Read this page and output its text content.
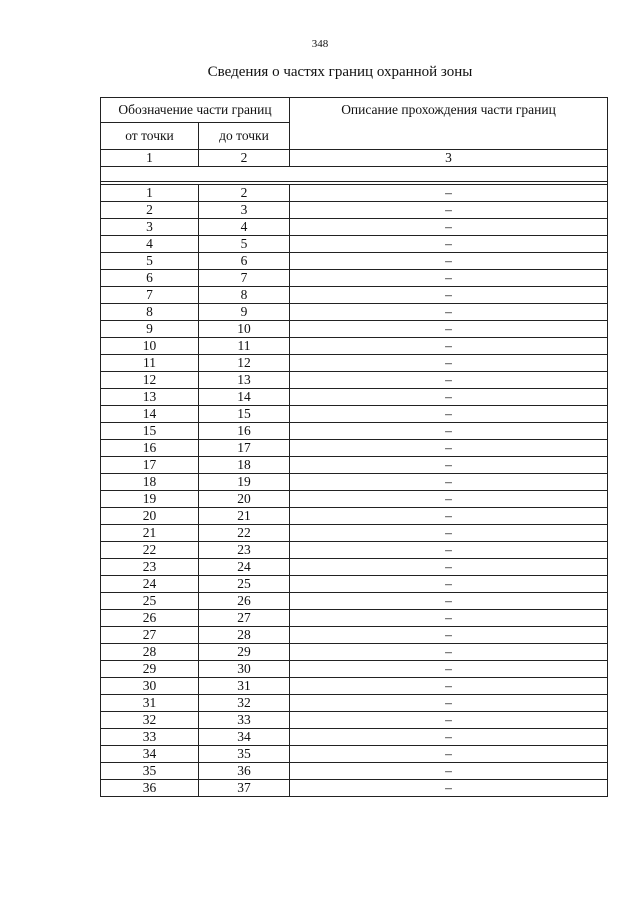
348
Сведения о частях границ охранной зоны
Обозначение части границ		Описание прохождения части границ
от точки	до точки	
1	2	3

1	2	–
2	3	–
3	4	–
4	5	–
5	6	–
6	7	–
7	8	–
8	9	–
9	10	–
10	11	–
11	12	–
12	13	–
13	14	–
14	15	–
15	16	–
16	17	–
17	18	–
18	19	–
19	20	–
20	21	–
21	22	–
22	23	–
23	24	–
24	25	–
25	26	–
26	27	–
27	28	–
28	29	–
29	30	–
30	31	–
31	32	–
32	33	–
33	34	–
34	35	–
35	36	–
36	37	–
